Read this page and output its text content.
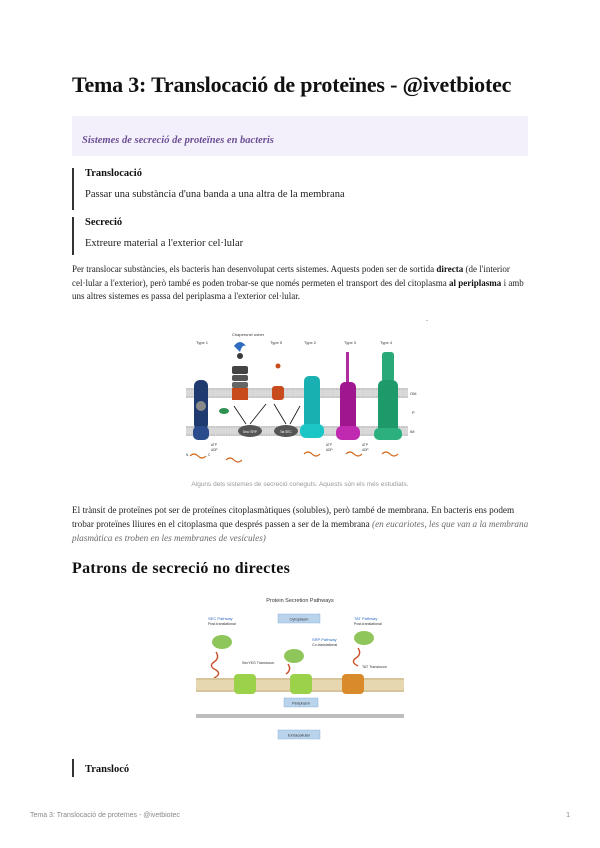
Tema 3: Translocació de proteïnes - @ivetbiotec
Sistemes de secreció de proteïnes en bacteris
Translocació
Passar una substància d'una banda a una altra de la membrana
Secreció
Extreure material a l'exterior cel·lular

Per translocar substàncies, els bacteris han desenvolupat certs sistemes. Aquests poden ser de sortida directa (de l'interior cel·lular a l'exterior), però també es poden trobar-se que només permeten el transport des del citoplasma al periplasma i amb uns altres sistemes es passa del periplasma a l'exterior cel·lular.

-
OM
P
IM
Type 1
Chaperone/ usher
Type 5	Type 2	Type 3	Type 4
Sec/ SRP	Tat SEC
ATP
ADP
ATP
ADP
ATP
ADP
N	C
Alguns dels sistemes de secreció coneguts. Aquests són els més estudiats.

El trànsit de proteïnes pot ser de proteïnes citoplasmàtiques (solubles), però també de membrana. En bacteris ens podem trobar proteïnes lliures en el citoplasma que després passen a ser de la membrana (en eucariotes, les que van a la membrana plasmàtica es troben en les membranes de vesícules)

Patrons de secreció no directes
Protein Secretion Pathways
Cytoplasm
SEC Pathway
Post-translational
SRP Pathway
Co-translational
TAT Pathway
Post-translational
SecYEG Translocon
TAT Translocon
Periplasm
Extracellular
Translocó
Tema 3: Translocació de proteïnes - @ivetbiotec	1
